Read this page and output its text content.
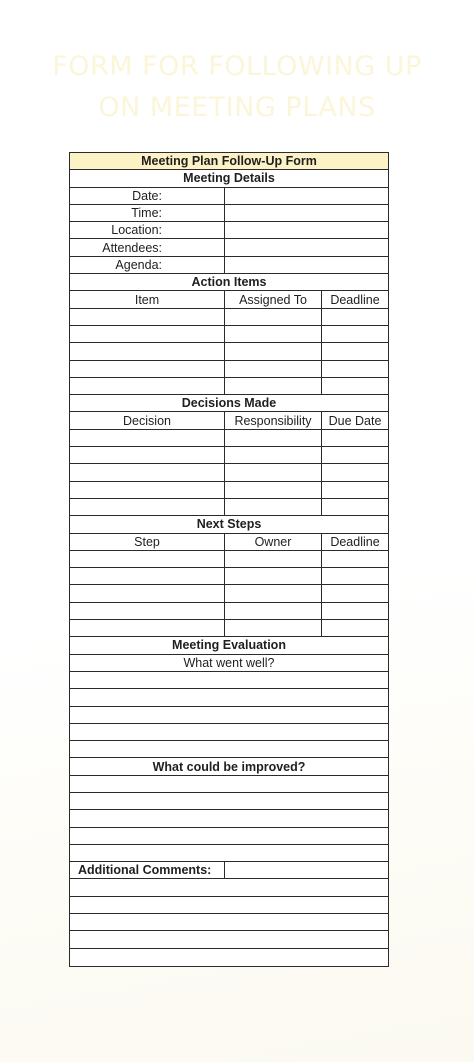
FORM FOR FOLLOWING UP
ON MEETING PLANS
Meeting Plan Follow-Up Form
Meeting Details
Date:
Time:
Location:
Attendees:
Agenda:
Action Items
Item	Assigned To	Deadline
Decisions Made
Decision	Responsibility	Due Date
Next Steps
Step	Owner	Deadline
Meeting Evaluation
What went well?
What could be improved?
Additional Comments:
